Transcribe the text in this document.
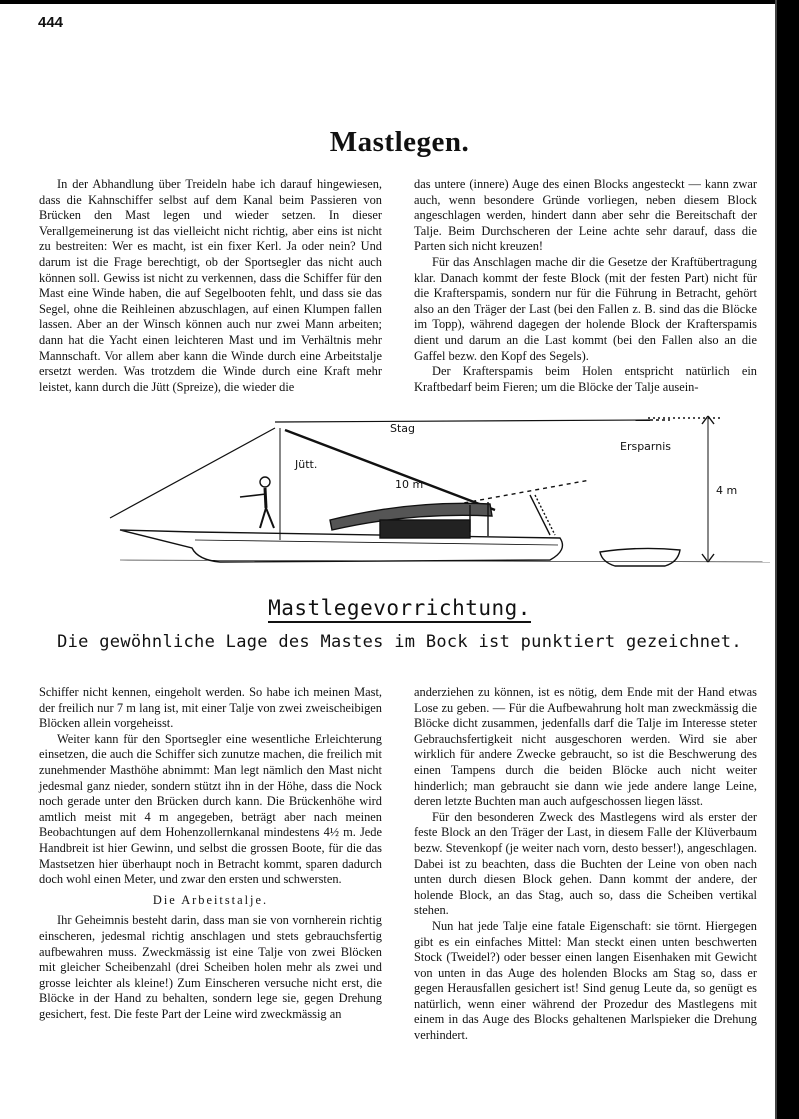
444
Mastlegen.

In der Abhandlung über Treideln habe ich darauf hingewiesen, dass die Kahnschiffer selbst auf dem Kanal beim Passieren von Brücken den Mast legen und wieder setzen. In dieser Verallgemeinerung ist das vielleicht nicht richtig, aber eins ist nicht zu bestreiten: Wer es macht, ist ein fixer Kerl. Ja oder nein? Und darum ist die Frage berechtigt, ob der Sportsegler das nicht auch können soll. Gewiss ist nicht zu verkennen, dass die Schiffer für den Mast eine Winde haben, die auf Segelbooten fehlt, und dass sie das Segel, ohne die Reihleinen abzuschlagen, auf einen Klumpen fallen lassen. Aber an der Winsch können auch nur zwei Mann arbeiten; dann hat die Yacht einen leichteren Mast und im Verhältnis mehr Mannschaft. Vor allem aber kann die Winde durch eine Arbeitstalje ersetzt werden. Was trotzdem die Winde durch eine Kraft mehr leistet, kann durch die Jütt (Spreize), die wieder die

das untere (innere) Auge des einen Blocks angesteckt — kann zwar auch, wenn besondere Gründe vorliegen, neben diesem Block angeschlagen werden, hindert dann aber sehr die Bereitschaft der Talje. Beim Durchscheren der Leine achte sehr darauf, dass die Parten sich nicht kreuzen!

Für das Anschlagen mache dir die Gesetze der Kraftübertragung klar. Danach kommt der feste Block (mit der festen Part) nicht für die Krafterspamis, sondern nur für die Führung in Betracht, gehört also an den Träger der Last (bei den Fallen z. B. sind das die Blöcke im Topp), während dagegen der holende Block der Krafterspamis dient und darum an die Last kommt (bei den Fallen also an die Gaffel bezw. den Kopf des Segels).

Der Krafterspamis beim Holen entspricht natürlich ein Kraftbedarf beim Fieren; um die Blöcke der Talje ausein-

Stag
Jütt.
Ersparnis
10 m	4 m
Mastlegevorrichtung.
Die gewöhnliche Lage des Mastes im Bock ist punktiert gezeichnet.

Schiffer nicht kennen, eingeholt werden. So habe ich meinen Mast, der freilich nur 7 m lang ist, mit einer Talje von zwei zweischeibigen Blöcken allein vorgeheisst.

Weiter kann für den Sportsegler eine wesentliche Erleichterung einsetzen, die auch die Schiffer sich zunutze machen, die freilich mit zunehmender Masthöhe abnimmt: Man legt nämlich den Mast nicht jedesmal ganz nieder, sondern stützt ihn in der Höhe, dass die Nock noch gerade unter den Brücken durch kann. Die Brückenhöhe wird amtlich meist mit 4 m angegeben, beträgt aber nach meinen Beobachtungen auf dem Hohenzollernkanal mindestens 4½ m. Jede Handbreit ist hier Gewinn, und selbst die grossen Boote, für die das Mastsetzen hier überhaupt noch in Betracht kommt, sparen dadurch doch wohl einen Meter, und zwar den ersten und schwersten.

Die Arbeitstalje.

Ihr Geheimnis besteht darin, dass man sie von vornherein richtig einscheren, jedesmal richtig anschlagen und stets gebrauchsfertig aufbewahren muss. Zweckmässig ist eine Talje von zwei Blöcken mit gleicher Scheibenzahl (drei Scheiben holen mehr als zwei und grosse leichter als kleine!) Zum Einscheren versuche nicht erst, die Blöcke in der Hand zu behalten, sondern lege sie, gegen Drehung gesichert, fest. Die feste Part der Leine wird zweckmässig an

anderziehen zu können, ist es nötig, dem Ende mit der Hand etwas Lose zu geben. — Für die Aufbewahrung holt man zweckmässig die Blöcke dicht zusammen, jedenfalls darf die Talje im Interesse steter Gebrauchsfertigkeit nicht ausgeschoren werden. Wird sie aber wirklich für andere Zwecke gebraucht, so ist die Beschwerung des einen Tampens durch die beiden Blöcke auch nicht weiter hinderlich; man gebraucht sie dann wie jede andere lange Leine, deren letzte Buchten man auch aufgeschossen liegen lässt.

Für den besonderen Zweck des Mastlegens wird als erster der feste Block an den Träger der Last, in diesem Falle der Klüverbaum bezw. Stevenkopf (je weiter nach vorn, desto besser!), angeschlagen. Dabei ist zu beachten, dass die Buchten der Leine von oben nach unten durch diesen Block gehen. Dann kommt der andere, der holende Block, an das Stag, auch so, dass die Scheiben vertikal stehen.

Nun hat jede Talje eine fatale Eigenschaft: sie törnt. Hiergegen gibt es ein einfaches Mittel: Man steckt einen unten beschwerten Stock (Tweidel?) oder besser einen langen Eisenhaken mit Gewicht von unten in das Auge des holenden Blocks am Stag so, dass er gegen Herausfallen gesichert ist! Sind genug Leute da, so genügt es natürlich, wenn einer während der Prozedur des Mastlegens mit einem in das Auge des Blocks gehaltenen Marlspieker die Drehung verhindert.
